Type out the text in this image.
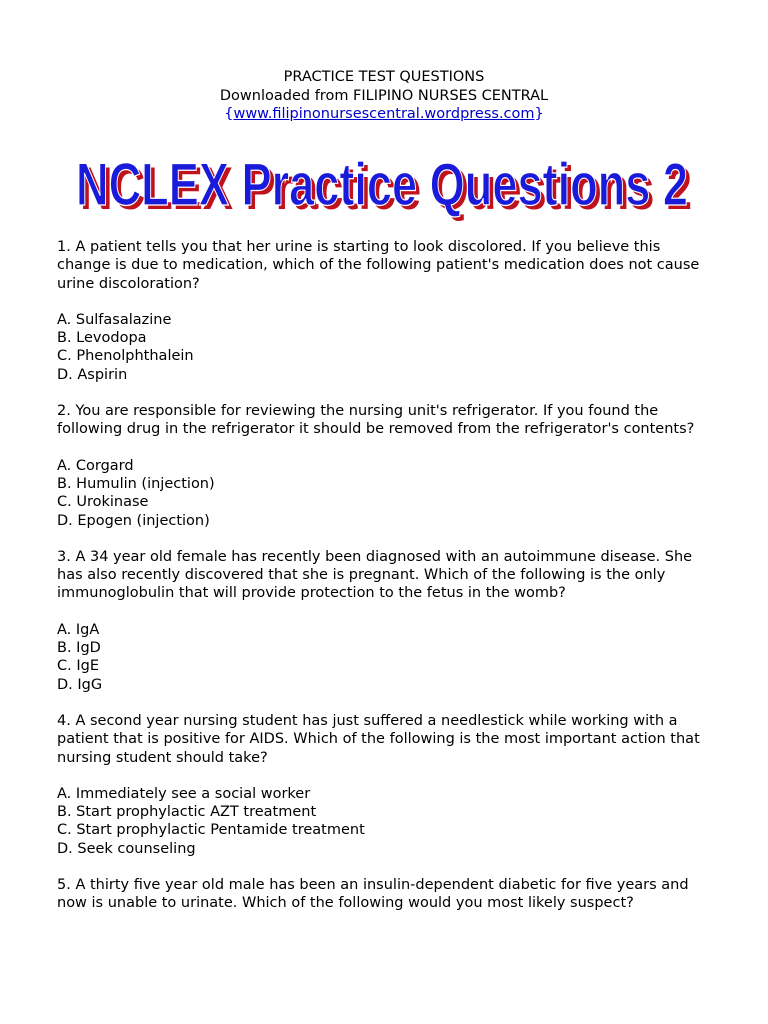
PRACTICE TEST QUESTIONS
Downloaded from FILIPINO NURSES CENTRAL
{www.filipinonursescentral.wordpress.com}
NCLEX Practice Questions 2
NCLEX Practice Questions 2
1. A patient tells you that her urine is starting to look discolored. If you believe this change is due to medication, which of the following patient's medication does not cause urine discoloration?
A. Sulfasalazine
B. Levodopa
C. Phenolphthalein
D. Aspirin
2. You are responsible for reviewing the nursing unit's refrigerator. If you found the following drug in the refrigerator it should be removed from the refrigerator's contents?
A. Corgard
B. Humulin (injection)
C. Urokinase
D. Epogen (injection)
3. A 34 year old female has recently been diagnosed with an autoimmune disease. She has also recently discovered that she is pregnant. Which of the following is the only immunoglobulin that will provide protection to the fetus in the womb?
A. IgA
B. IgD
C. IgE
D. IgG
4. A second year nursing student has just suffered a needlestick while working with a patient that is positive for AIDS. Which of the following is the most important action that nursing student should take?
A. Immediately see a social worker
B. Start prophylactic AZT treatment
C. Start prophylactic Pentamide treatment
D. Seek counseling
5. A thirty five year old male has been an insulin-dependent diabetic for five years and now is unable to urinate. Which of the following would you most likely suspect?
